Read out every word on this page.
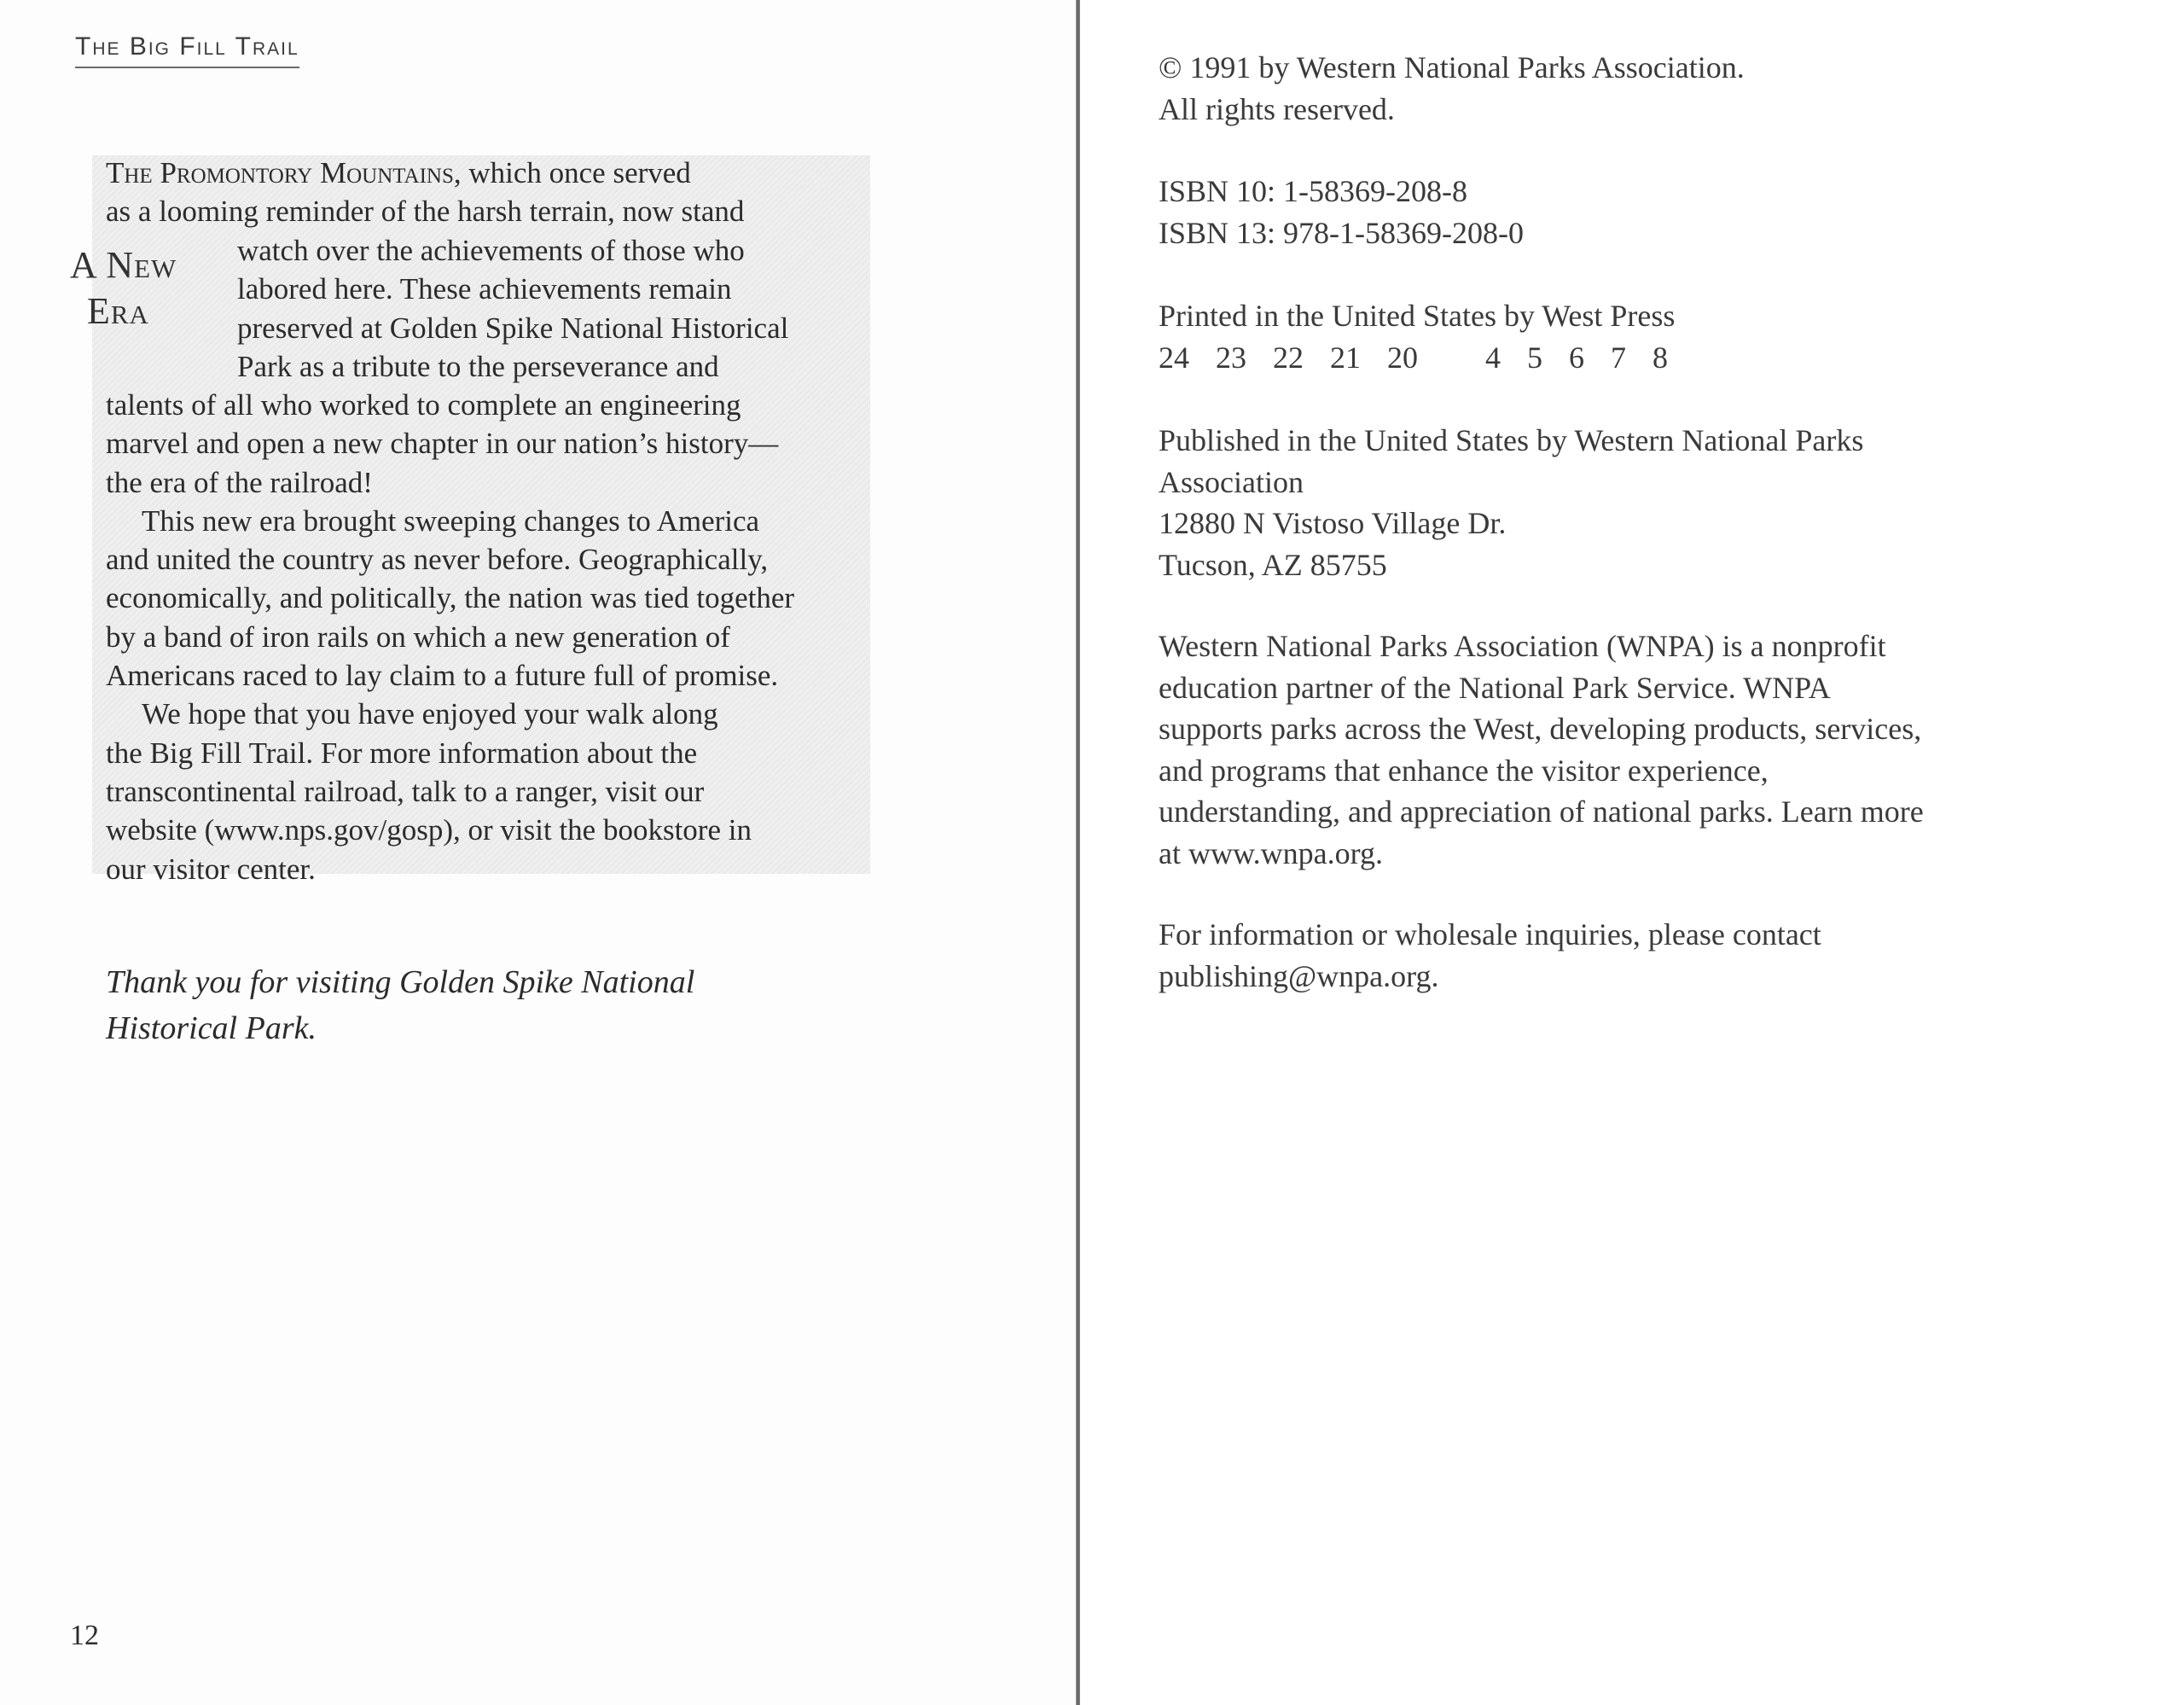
The Big Fill Trail
A New
Era

The Promontory Mountains, which once served
as a looming reminder of the harsh terrain, now stand

watch over the achievements of those who
labored here. These achievements remain
preserved at Golden Spike National Historical
Park as a tribute to the perseverance and

talents of all who worked to complete an engineering
marvel and open a new chapter in our nation’s history—
the era of the railroad!
This new era brought sweeping changes to America
and united the country as never before. Geographically,
economically, and politically, the nation was tied together
by a band of iron rails on which a new generation of
Americans raced to lay claim to a future full of promise.
We hope that you have enjoyed your walk along
the Big Fill Trail. For more information about the
transcontinental railroad, talk to a ranger, visit our
website (www.nps.gov/gosp), or visit the bookstore in
our visitor center.

Thank you for visiting Golden Spike National
Historical Park.

12

© 1991 by Western National Parks Association.
All rights reserved.

ISBN 10: 1-58369-208-8
ISBN 13: 978-1-58369-208-0

Printed in the United States by West Press
24 23 22 21 20 4 5 6 7 8

Published in the United States by Western National Parks
Association
12880 N Vistoso Village Dr.
Tucson, AZ 85755

Western National Parks Association (WNPA) is a nonprofit
education partner of the National Park Service. WNPA
supports parks across the West, developing products, services,
and programs that enhance the visitor experience,
understanding, and appreciation of national parks. Learn more
at www.wnpa.org.

For information or wholesale inquiries, please contact
publishing@wnpa.org.
